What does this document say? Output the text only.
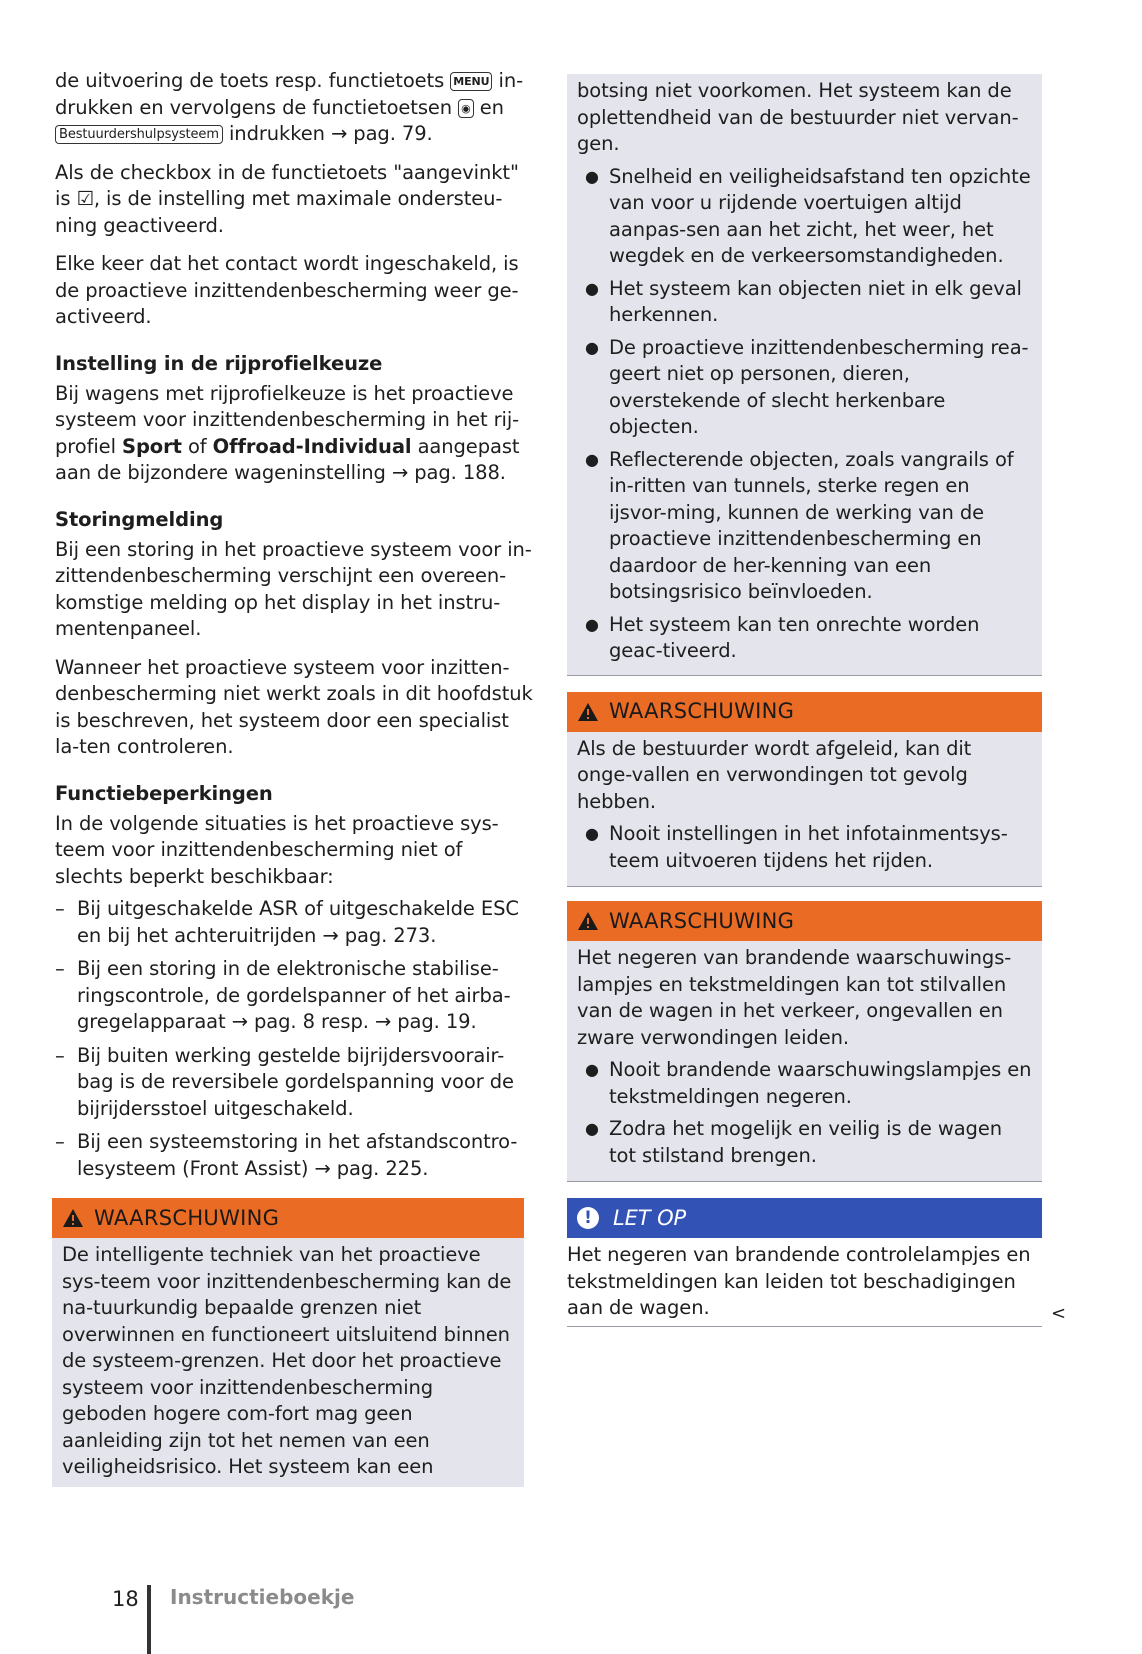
de uitvoering de toets resp. functietoets MENU in-drukken en vervolgens de functietoetsen ◉ en Bestuurdershulpsysteem indrukken → pag. 79.

Als de checkbox in de functietoets "aangevinkt" is ☑, is de instelling met maximale ondersteu-ning geactiveerd.

Elke keer dat het contact wordt ingeschakeld, is de proactieve inzittendenbescherming weer ge-activeerd.

Instelling in de rijprofielkeuze

Bij wagens met rijprofielkeuze is het proactieve systeem voor inzittendenbescherming in het rij-profiel Sport of Offroad-Individual aangepast aan de bijzondere wageninstelling → pag. 188.

Storingmelding

Bij een storing in het proactieve systeem voor in-zittendenbescherming verschijnt een overeen-komstige melding op het display in het instru-mentenpaneel.

Wanneer het proactieve systeem voor inzitten-denbescherming niet werkt zoals in dit hoofdstuk is beschreven, het systeem door een specialist la-ten controleren.

Functiebeperkingen

In de volgende situaties is het proactieve sys-teem voor inzittendenbescherming niet of slechts beperkt beschikbaar:

– Bij uitgeschakelde ASR of uitgeschakelde ESC en bij het achteruitrijden → pag. 273.
– Bij een storing in de elektronische stabilise-ringscontrole, de gordelspanner of het airba-gregelapparaat → pag. 8 resp. → pag. 19.
– Bij buiten werking gestelde bijrijdersvoorair-bag is de reversibele gordelspanning voor de bijrijdersstoel uitgeschakeld.
– Bij een systeemstoring in het afstandscontro-lesysteem (Front Assist) → pag. 225.
WAARSCHUWING
De intelligente techniek van het proactieve sys-teem voor inzittendenbescherming kan de na-tuurkundig bepaalde grenzen niet overwinnen en functioneert uitsluitend binnen de systeem-grenzen. Het door het proactieve systeem voor inzittendenbescherming geboden hogere com-fort mag geen aanleiding zijn tot het nemen van een veiligheidsrisico. Het systeem kan een

botsing niet voorkomen. Het systeem kan de oplettendheid van de bestuurder niet vervan-gen.

● Snelheid en veiligheidsafstand ten opzichte van voor u rijdende voertuigen altijd aanpas-sen aan het zicht, het weer, het wegdek en de verkeersomstandigheden.
● Het systeem kan objecten niet in elk geval herkennen.
● De proactieve inzittendenbescherming rea-geert niet op personen, dieren, overstekende of slecht herkenbare objecten.
● Reflecterende objecten, zoals vangrails of in-ritten van tunnels, sterke regen en ijsvor-ming, kunnen de werking van de proactieve inzittendenbescherming en daardoor de her-kenning van een botsingsrisico beïnvloeden.
● Het systeem kan ten onrechte worden geac-tiveerd.
WAARSCHUWING

Als de bestuurder wordt afgeleid, kan dit onge-vallen en verwondingen tot gevolg hebben.

● Nooit instellingen in het infotainmentsys-teem uitvoeren tijdens het rijden.
WAARSCHUWING

Het negeren van brandende waarschuwings-lampjes en tekstmeldingen kan tot stilvallen van de wagen in het verkeer, ongevallen en zware verwondingen leiden.

● Nooit brandende waarschuwingslampjes en tekstmeldingen negeren.
● Zodra het mogelijk en veilig is de wagen tot stilstand brengen.
!	LET OP
Het negeren van brandende controlelampjes en tekstmeldingen kan leiden tot beschadigingen aan de wagen.	<
18 Instructieboekje
